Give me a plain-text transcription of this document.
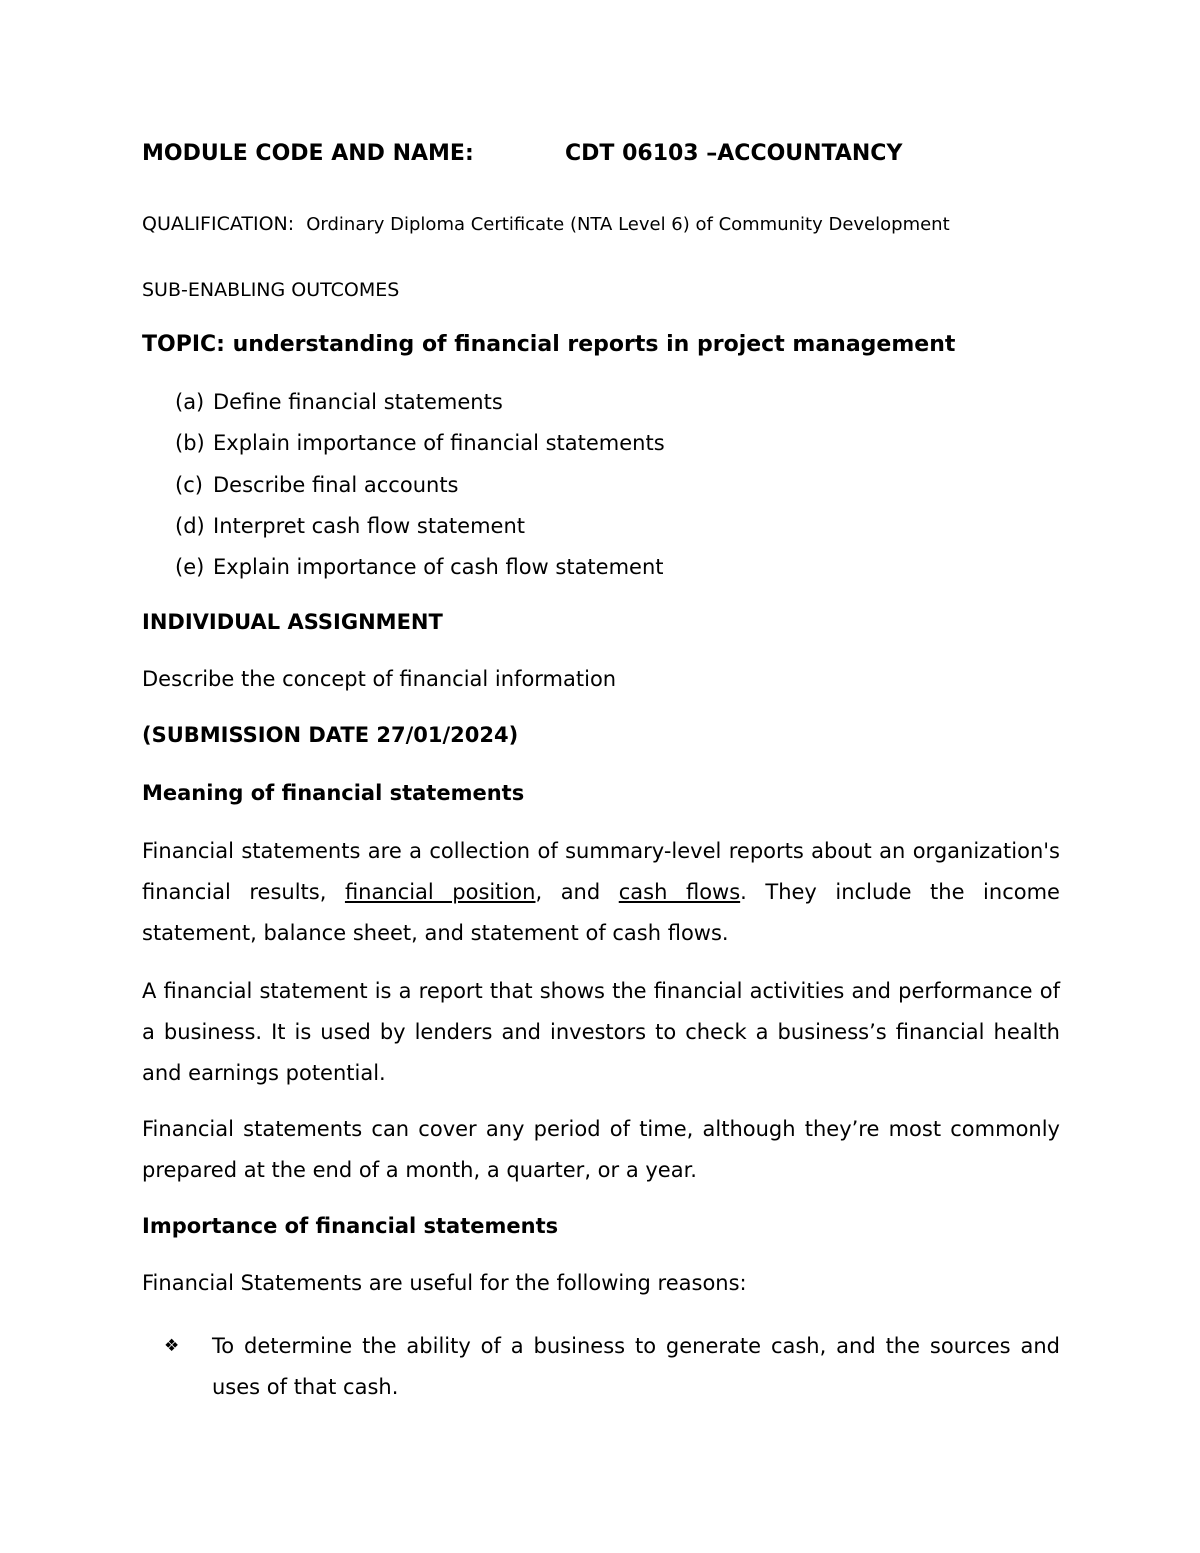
MODULE CODE AND NAME:	CDT 06103 –ACCOUNTANCY
QUALIFICATION: Ordinary Diploma Certificate (NTA Level 6) of Community Development
SUB-ENABLING OUTCOMES
TOPIC: understanding of financial reports in project management
(a) Define financial statements
(b) Explain importance of financial statements
(c) Describe final accounts
(d) Interpret cash flow statement
(e) Explain importance of cash flow statement
INDIVIDUAL ASSIGNMENT
Describe the concept of financial information
(SUBMISSION DATE 27/01/2024)
Meaning of financial statements
Financial statements are a collection of summary-level reports about an organization's financial results, financial position, and cash flows. They include the income statement, balance sheet, and statement of cash flows.
A financial statement is a report that shows the financial activities and performance of a business. It is used by lenders and investors to check a business’s financial health and earnings potential.
Financial statements can cover any period of time, although they’re most commonly prepared at the end of a month, a quarter, or a year.
Importance of financial statements
Financial Statements are useful for the following reasons:
❖ To determine the ability of a business to generate cash, and the sources and uses of that cash.
